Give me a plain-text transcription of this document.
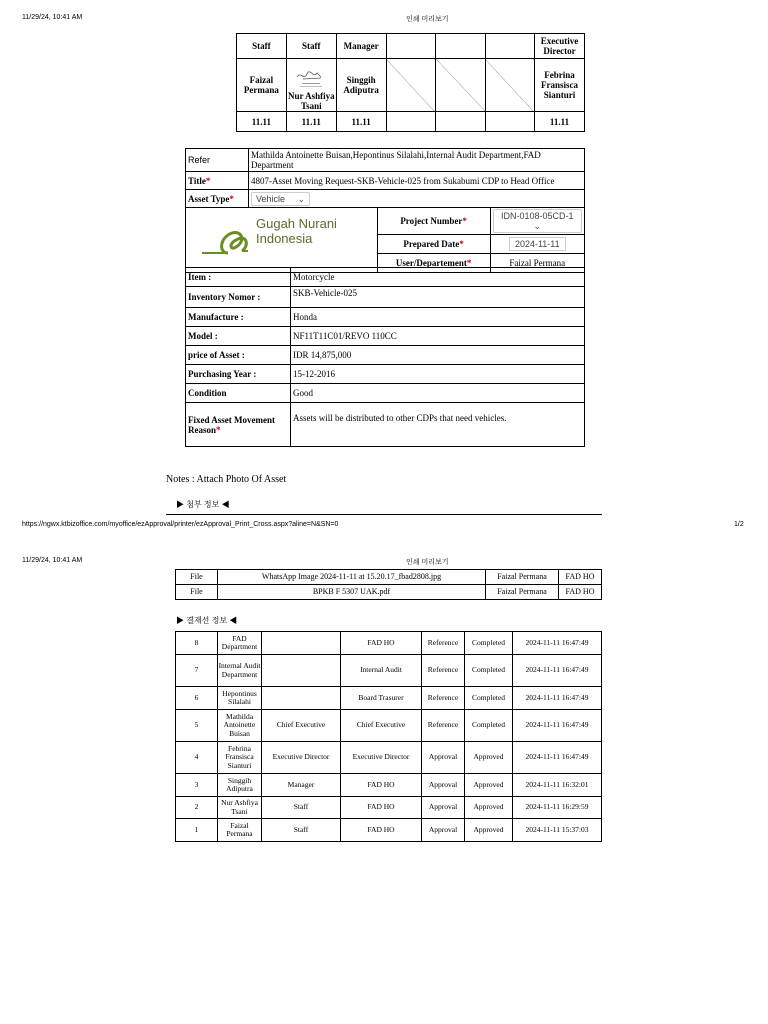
11/29/24, 10:41 AM	인쇄 미리보기
Staff	Staff	Manager				Executive Director
Faizal Permana	Nur Ashfiya Tsani	Singgih Adiputra				Febrina Fransisca Sianturi
11.11	11.11	11.11				11.11
Refer	Mathilda Antoinette Buisan,Hepontinus Silalahi,Internal Audit Department,FAD Department		
Title*	4807-Asset Moving Request-SKB-Vehicle-025 from Sukabumi CDP to Head Office		
Asset Type*	Vehicle ⌄		

Gugah Nurani
Indonesia		Project Number*	IDN-0108-05CD-1 ⌄
		Prepared Date*	2024-11-11
		User/Departement*	Faizal Permana
Item :	Motorcycle
Inventory Nomor :	SKB-Vehicle-025
Manufacture :	Honda
Model :	NF11T11C01/REVO 110CC
price of Asset :	IDR 14,875,000
Purchasing Year :	15-12-2016
Condition	Good
Fixed Asset Movement Reason*	Assets will be distributed to other CDPs that need vehicles.
Notes : Attach Photo Of Asset
▶ 첨부 정보 ◀
https://ngwx.ktbizoffice.com/myoffice/ezApproval/printer/ezApproval_Print_Cross.aspx?aline=N&SN=0	1/2
11/29/24, 10:41 AM	인쇄 미리보기
File	WhatsApp Image 2024-11-11 at 15.20.17_fbad2808.jpg	Faizal Permana	FAD HO
File	BPKB F 5307 UAK.pdf	Faizal Permana	FAD HO
▶ 결재선 정보 ◀
8	FAD Department		FAD HO	Reference	Completed	2024-11-11 16:47:49
7	Internal Audit Department		Internal Audit	Reference	Completed	2024-11-11 16:47:49
6	Hepontinus Silalahi		Board Trasurer	Reference	Completed	2024-11-11 16:47:49
5	Mathilda Antoinette Buisan	Chief Executive	Chief Executive	Reference	Completed	2024-11-11 16:47:49
4	Febrina Fransisca Sianturi	Executive Director	Executive Director	Approval	Approved	2024-11-11 16:47:49
3	Singgih Adiputra	Manager	FAD HO	Approval	Approved	2024-11-11 16:32:01
2	Nur Ashfiya Tsani	Staff	FAD HO	Approval	Approved	2024-11-11 16:29:59
1	Faizal Permana	Staff	FAD HO	Approval	Approved	2024-11-11 15:37:03
